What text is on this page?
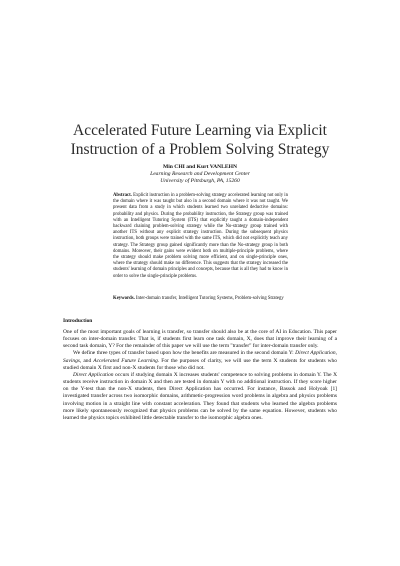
Accelerated Future Learning via Explicit
Instruction of a Problem Solving Strategy
Min CHI and Kurt VANLEHN
Learning Research and Development Center
University of Pittsburgh, PA, 15260
Abstract. Explicit instruction in a problem-solving strategy accelerated learning not only in the domain where it was taught but also in a second domain where it was not taught. We present data from a study in which students learned two unrelated deductive domains: probability and physics. During the probability instruction, the Strategy group was trained with an Intelligent Tutoring System (ITS) that explicitly taught a domain-independent backward chaining problem-solving strategy while the No-strategy group trained with another ITS without any explicit strategy instruction. During the subsequent physics instruction, both groups were trained with the same ITS, which did not explicitly teach any strategy. The Strategy group gained significantly more than the No-strategy group in both domains. Moreover, their gains were evident both on multiple-principle problems, where the strategy should make problem solving more efficient, and on single-principle ones, where the strategy should make no difference. This suggests that the strategy increased the students' learning of domain principles and concepts, because that is all they had to know in order to solve the single-principle problems.
Keywords. Inter-domain transfer, Intelligent Tutoring Systems, Problem-solving Strategy
Introduction

One of the most important goals of learning is transfer, so transfer should also be at the core of AI in Education. This paper focuses on inter-domain transfer. That is, if students first learn one task domain, X, does that improve their learning of a second task domain, Y? For the remainder of this paper we will use the term "transfer" for inter-domain transfer only.

We define three types of transfer based upon how the benefits are measured in the second domain Y: Direct Application, Savings, and Accelerated Future Learning. For the purposes of clarity, we will use the term X students for students who studied domain X first and non-X students for those who did not.

Direct Application occurs if studying domain X increases students' competence to solving problems in domain Y. The X students receive instruction in domain X and then are tested in domain Y with no additional instruction. If they score higher on the Y-test than the non-X students, then Direct Application has occurred. For instance, Bassok and Holyoak [1] investigated transfer across two isomorphic domains, arithmetic-progression word problems in algebra and physics problems involving motion in a straight line with constant acceleration. They found that students who learned the algebra problems more likely spontaneously recognized that physics problems can be solved by the same equation. However, students who learned the physics topics exhibited little detectable transfer to the isomorphic algebra ones.
